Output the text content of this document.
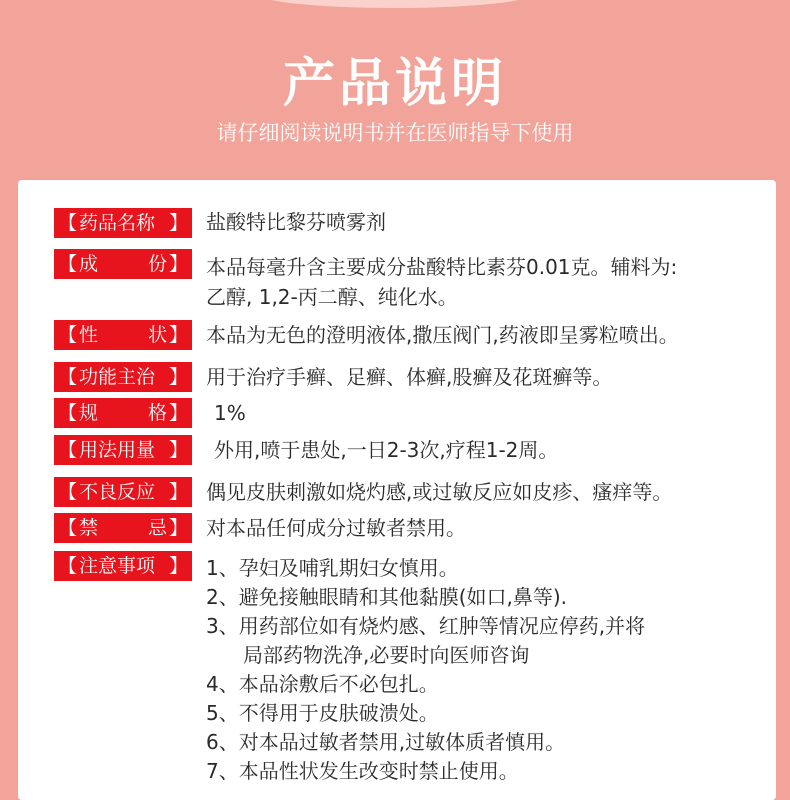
产品说明
请仔细阅读说明书并在医师指导下使用
【 药品名称 】 盐酸特比黎芬喷雾剂
【 成	份 】 本品每毫升含主要成分盐酸特比素芬0.01克。辅料为:
乙醇, 1,2-丙二醇、纯化水。
【 性	状 】 本品为无色的澄明液体,撒压阀门,药液即呈雾粒喷出。
【 功能主治 】 用于治疗手癣、足癣、体癣,股癣及花斑癣等。
【 规	格 】 1%
【 用法用量 】 外用,喷于患处,一日2-3次,疗程1-2周。
【 不良反应 】 偶见皮肤刺激如烧灼感,或过敏反应如皮疹、瘙痒等。
【 禁	忌 】 对本品任何成分过敏者禁用。
【 注意事项 】 1、孕妇及哺乳期妇女慎用。
2、避免接触眼睛和其他黏膜(如口,鼻等).
3、用药部位如有烧灼感、红肿等情况应停药,并将
局部药物洗净,必要时向医师咨询
4、本品涂敷后不必包扎。
5、不得用于皮肤破溃处。
6、对本品过敏者禁用,过敏体质者慎用。
7、本品性状发生改变时禁止使用。
